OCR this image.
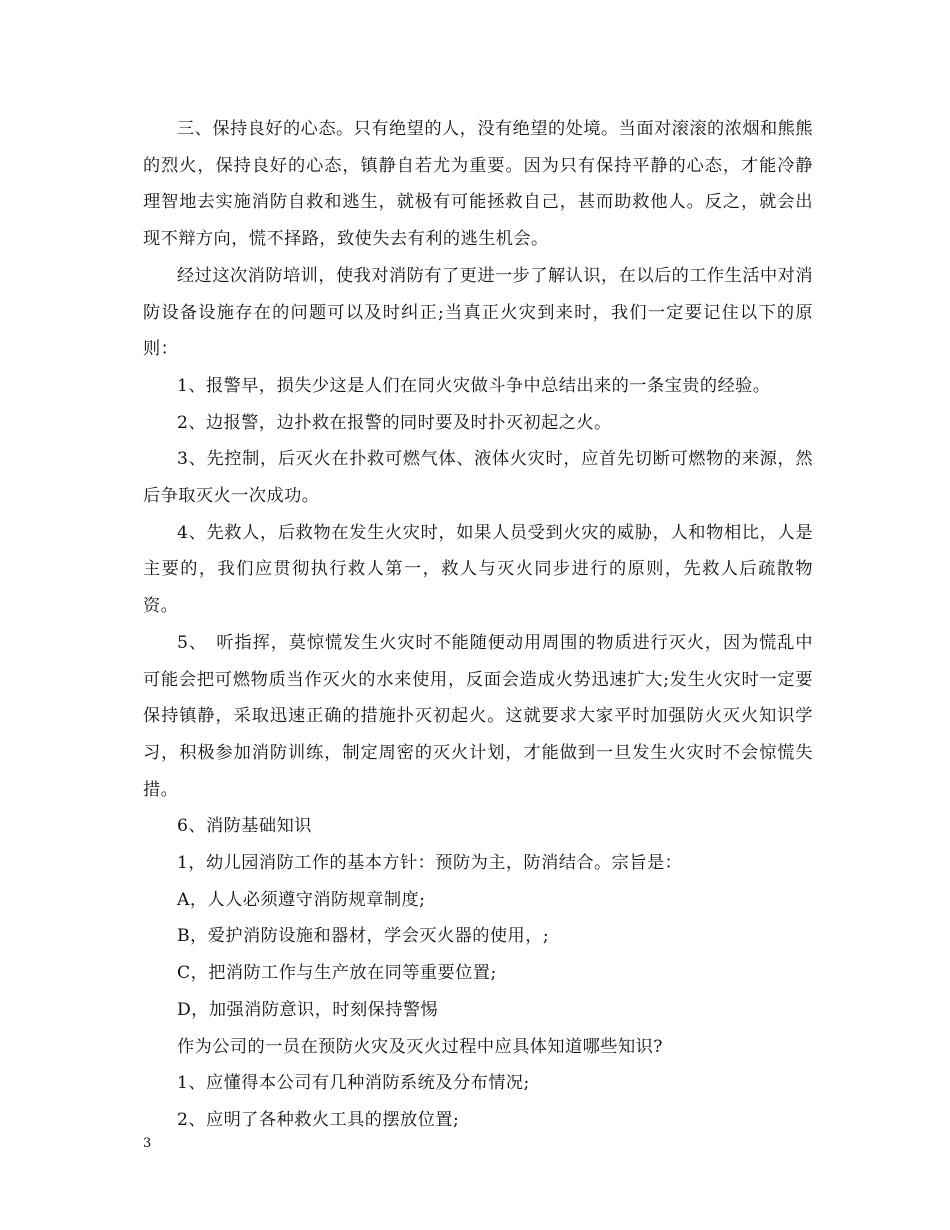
三、保持良好的心态。只有绝望的人，没有绝望的处境。当面对滚滚的浓烟和熊熊的烈火，保持良好的心态，镇静自若尤为重要。因为只有保持平静的心态，才能冷静理智地去实施消防自救和逃生，就极有可能拯救自己，甚而助救他人。反之，就会出现不辩方向，慌不择路，致使失去有利的逃生机会。

经过这次消防培训，使我对消防有了更进一步了解认识，在以后的工作生活中对消防设备设施存在的问题可以及时纠正;当真正火灾到来时，我们一定要记住以下的原则：

1、报警早，损失少这是人们在同火灾做斗争中总结出来的一条宝贵的经验。

2、边报警，边扑救在报警的同时要及时扑灭初起之火。

3、先控制，后灭火在扑救可燃气体、液体火灾时，应首先切断可燃物的来源，然后争取灭火一次成功。

4、先救人，后救物在发生火灾时，如果人员受到火灾的威胁，人和物相比，人是主要的，我们应贯彻执行救人第一，救人与灭火同步进行的原则，先救人后疏散物资。

5、　听指挥，莫惊慌发生火灾时不能随便动用周围的物质进行灭火，因为慌乱中可能会把可燃物质当作灭火的水来使用，反面会造成火势迅速扩大;发生火灾时一定要保持镇静，采取迅速正确的措施扑灭初起火。这就要求大家平时加强防火灭火知识学习，积极参加消防训练，制定周密的灭火计划，才能做到一旦发生火灾时不会惊慌失措。

6、消防基础知识

1，幼儿园消防工作的基本方针：预防为主，防消结合。宗旨是：

A，人人必须遵守消防规章制度;

B，爱护消防设施和器材，学会灭火器的使用，;

C，把消防工作与生产放在同等重要位置;

D，加强消防意识，时刻保持警惕

作为公司的一员在预防火灾及灭火过程中应具体知道哪些知识?

1、应懂得本公司有几种消防系统及分布情况;

2、应明了各种救火工具的摆放位置;

3
